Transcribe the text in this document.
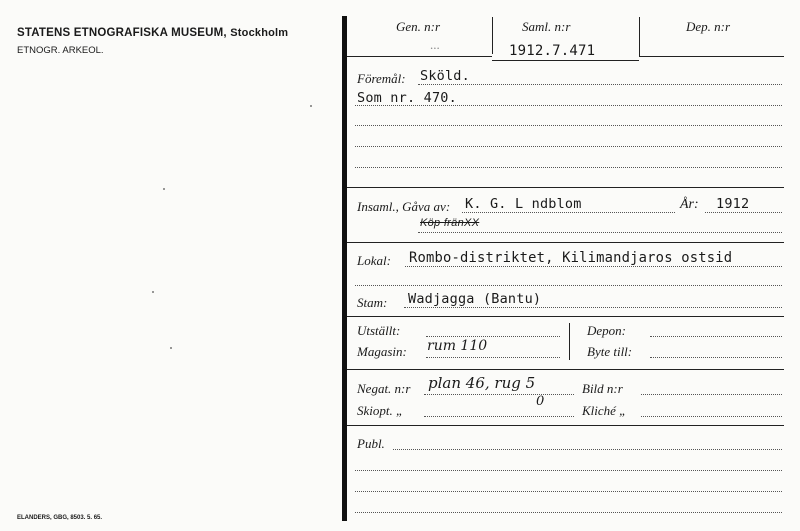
STATENS ETNOGRAFISKA MUSEUM, Stockholm
ETNOGR. ARKEOL.
ELANDERS, GBG, 8503. 5. 65.
Gen. n:r
...
Saml. n:r
1912.7.471
Dep. n:r
Föremål: Sköld.
Som nr. 470.
Insaml., Gåva av: K. G. L ndblom	År: 1912
Köp fränXX
Lokal: Rombo-distriktet, Kilimandjaros ostsid
Stam: Wadjagga (Bantu)
Utställt:
Magasin: rum 110
Depon:
Byte till:
Negat. n:r plan 46, rug 5	Bild n:r
Skiopt. „
0
Kliché „
Publ.
